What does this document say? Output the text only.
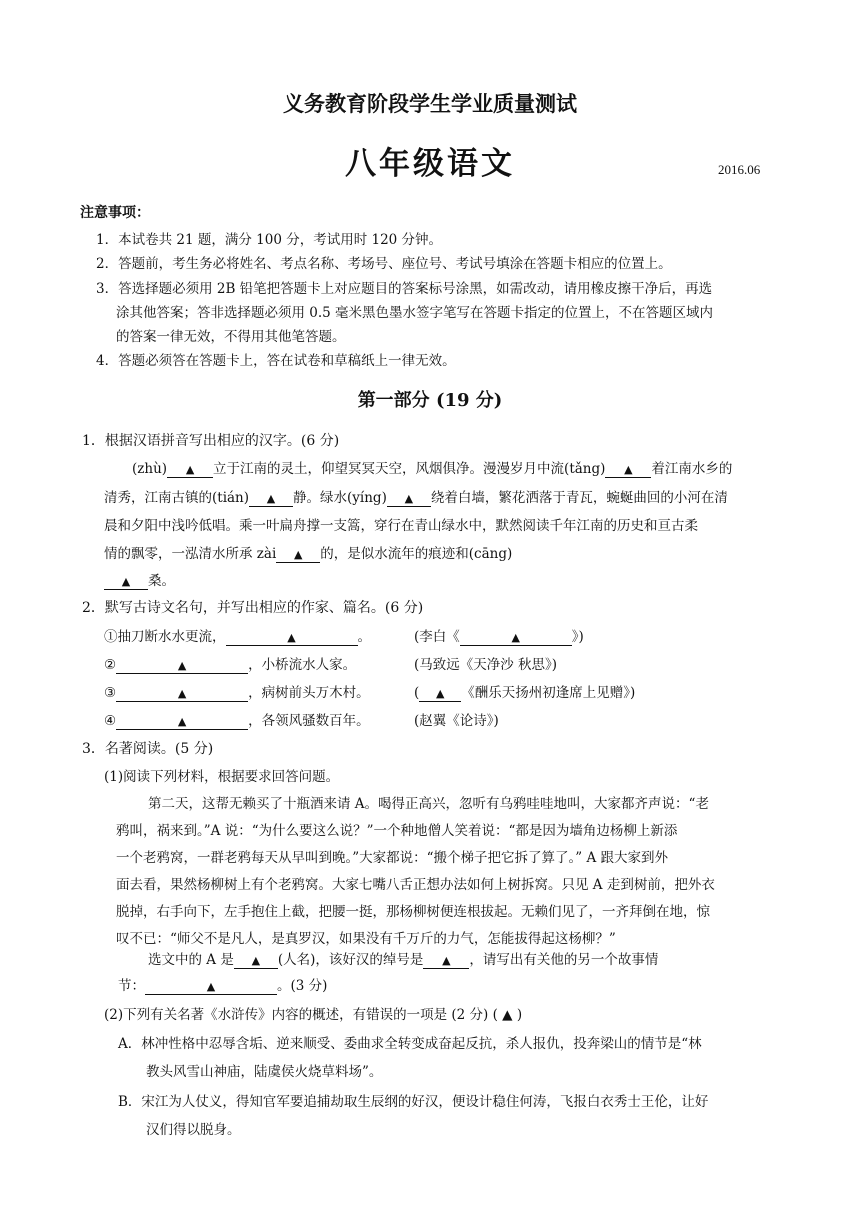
义务教育阶段学生学业质量测试
八年级语文	2016.06
注意事项：
1．本试卷共 21 题，满分 100 分，考试用时 120 分钟。
2．答题前，考生务必将姓名、考点名称、考场号、座位号、考试号填涂在答题卡相应的位置上。
3．答选择题必须用 2B 铅笔把答题卡上对应题目的答案标号涂黑，如需改动，请用橡皮擦干净后，再选
涂其他答案；答非选择题必须用 0.5 毫米黑色墨水签字笔写在答题卡指定的位置上，不在答题区域内
的答案一律无效，不得用其他笔答题。
4．答题必须答在答题卡上，答在试卷和草稿纸上一律无效。
第一部分 (19 分)
1．根据汉语拼音写出相应的汉字。(6 分)
(zhù) ▲ 立于江南的灵土，仰望冥冥天空，风烟俱净。漫漫岁月中流(tǎng) ▲ 着江南水乡的
清秀，江南古镇的(tián) ▲ 静。绿水(yíng) ▲ 绕着白墙，繁花洒落于青瓦，蜿蜒曲回的小河在清
晨和夕阳中浅吟低唱。乘一叶扁舟撑一支篙，穿行在青山绿水中，默然阅读千年江南的历史和亘古柔
情的飘零，一泓清水所承 zài ▲ 的，是似水流年的痕迹和(cāng)
▲ 桑。
2．默写古诗文名句，并写出相应的作家、篇名。(6 分)
①抽刀断水水更流，	▲	。	(李白《	▲	》)
②	▲	，小桥流水人家。	(马致远《天净沙 秋思》)
③	▲	，病树前头万木村。	( ▲ 《酬乐天扬州初逢席上见赠》)
④	▲	，各领风骚数百年。	(赵翼《论诗》)
3．名著阅读。(5 分)
(1)阅读下列材料，根据要求回答问题。
第二天，这帮无赖买了十瓶酒来请 A。喝得正高兴，忽听有乌鸦哇哇地叫，大家都齐声说：“老
鸦叫，祸来到。”A 说：“为什么要这么说？”一个种地僧人笑着说：“都是因为墙角边杨柳上新添
一个老鸦窝，一群老鸦每天从早叫到晚。”大家都说：“搬个梯子把它拆了算了。” A 跟大家到外
面去看，果然杨柳树上有个老鸦窝。大家七嘴八舌正想办法如何上树拆窝。只见 A 走到树前，把外衣
脱掉，右手向下，左手抱住上截，把腰一挺，那杨柳树便连根拔起。无赖们见了，一齐拜倒在地，惊
叹不已：“师父不是凡人，是真罗汉，如果没有千万斤的力气，怎能拔得起这杨柳？”
选文中的 A 是 ▲ (人名)，该好汉的绰号是 ▲ ，请写出有关他的另一个故事情
节：	▲	。(3 分)
(2)下列有关名著《水浒传》内容的概述，有错误的一项是 (2 分) ( ▲ )
A．林冲性格中忍辱含垢、逆来顺受、委曲求全转变成奋起反抗，杀人报仇，投奔梁山的情节是“林
教头风雪山神庙，陆虞侯火烧草料场”。
B．宋江为人仗义，得知官军要追捕劫取生辰纲的好汉，便设计稳住何涛，飞报白衣秀士王伦，让好
汉们得以脱身。
